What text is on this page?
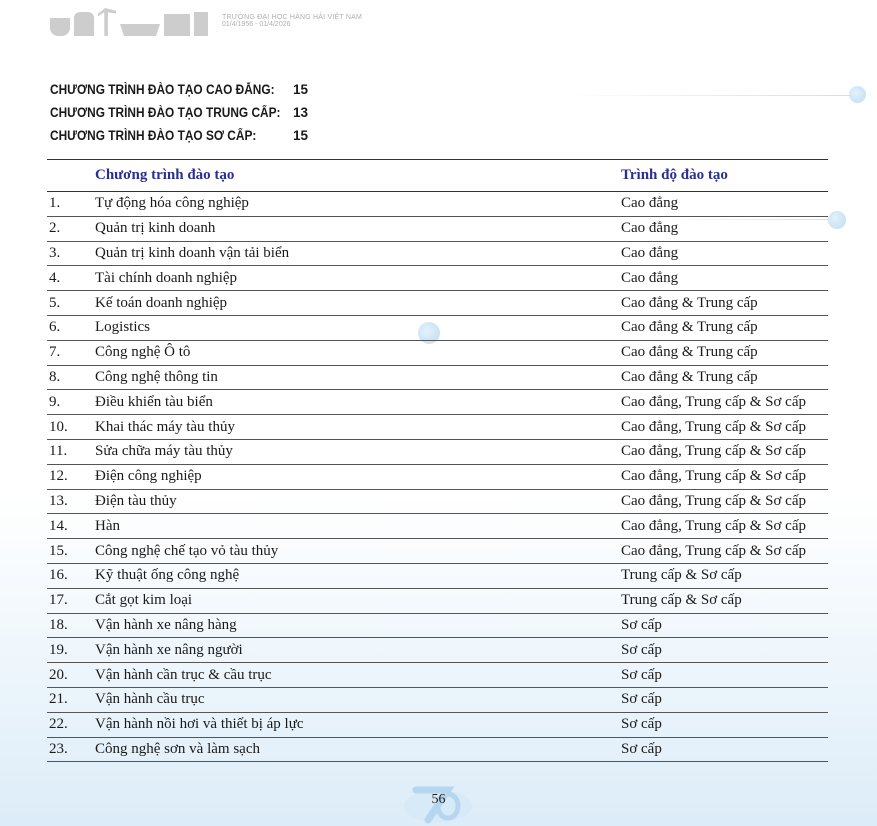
TRƯỜNG ĐẠI HỌC HÀNG HẢI VIỆT NAM
01/4/1956 - 01/4/2026
CHƯƠNG TRÌNH ĐÀO TẠO CAO ĐẲNG: 15
CHƯƠNG TRÌNH ĐÀO TẠO TRUNG CẤP: 13
CHƯƠNG TRÌNH ĐÀO TẠO SƠ CẤP:	15
Chương trình đào tạo	Trình độ đào tạo
1.	Tự động hóa công nghiệp	Cao đẳng
2.	Quản trị kinh doanh	Cao đẳng
3.	Quản trị kinh doanh vận tải biển	Cao đẳng
4.	Tài chính doanh nghiệp	Cao đẳng
5.	Kế toán doanh nghiệp	Cao đẳng & Trung cấp
6.	Logistics	Cao đẳng & Trung cấp
7.	Công nghệ Ô tô	Cao đẳng & Trung cấp
8.	Công nghệ thông tin	Cao đẳng & Trung cấp
9.	Điều khiển tàu biển	Cao đẳng, Trung cấp & Sơ cấp
10.	Khai thác máy tàu thủy	Cao đẳng, Trung cấp & Sơ cấp
11.	Sửa chữa máy tàu thủy	Cao đẳng, Trung cấp & Sơ cấp
12.	Điện công nghiệp	Cao đẳng, Trung cấp & Sơ cấp
13.	Điện tàu thủy	Cao đẳng, Trung cấp & Sơ cấp
14.	Hàn	Cao đẳng, Trung cấp & Sơ cấp
15.	Công nghệ chế tạo vỏ tàu thủy	Cao đẳng, Trung cấp & Sơ cấp
16.	Kỹ thuật ống công nghệ	Trung cấp & Sơ cấp
17.	Cắt gọt kim loại	Trung cấp & Sơ cấp
18.	Vận hành xe nâng hàng	Sơ cấp
19.	Vận hành xe nâng người	Sơ cấp
20.	Vận hành cần trục & cầu trục	Sơ cấp
21.	Vận hành cầu trục	Sơ cấp
22.	Vận hành nồi hơi và thiết bị áp lực	Sơ cấp
23.	Công nghệ sơn và làm sạch	Sơ cấp
56
